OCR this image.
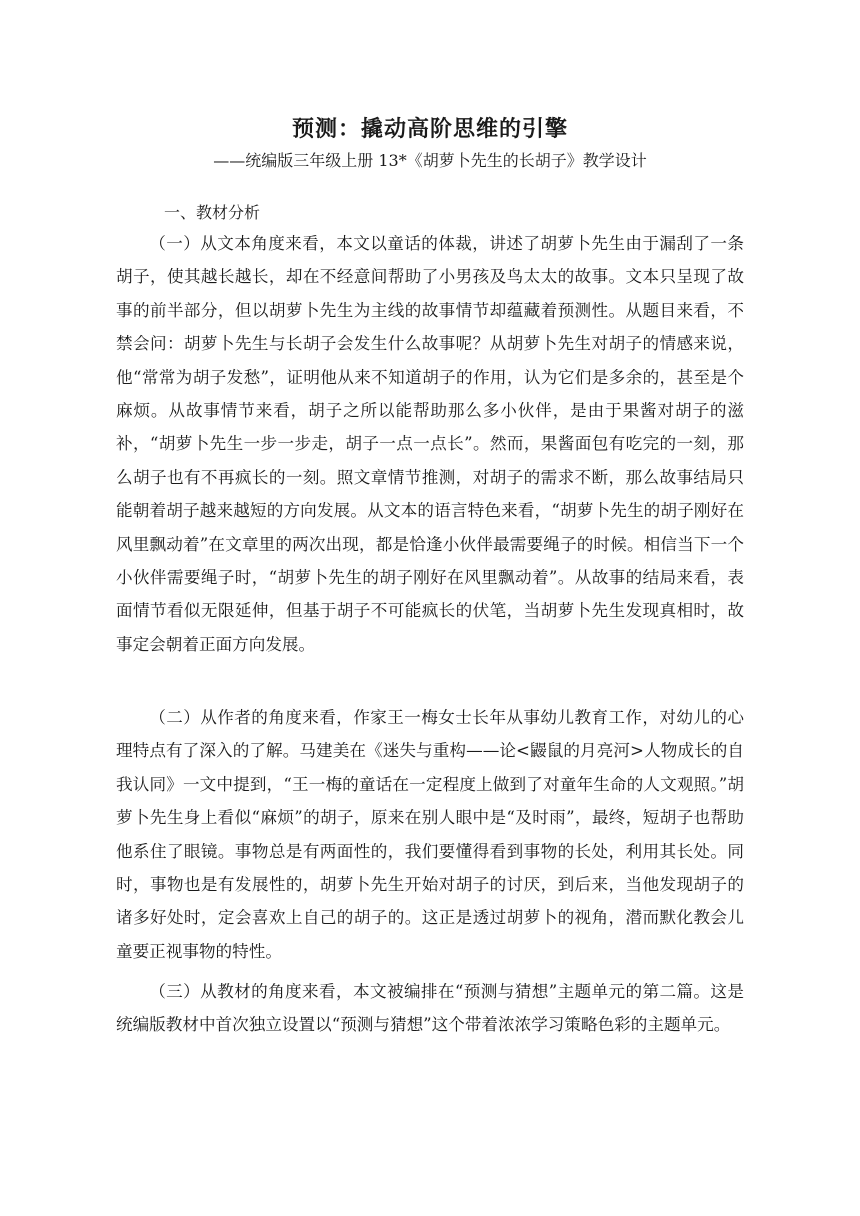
预测：撬动高阶思维的引擎

——统编版三年级上册 13*《胡萝卜先生的长胡子》教学设计

一、教材分析

（一）从文本角度来看，本文以童话的体裁，讲述了胡萝卜先生由于漏刮了一条胡子，使其越长越长，却在不经意间帮助了小男孩及鸟太太的故事。文本只呈现了故事的前半部分，但以胡萝卜先生为主线的故事情节却蕴藏着预测性。从题目来看，不禁会问：胡萝卜先生与长胡子会发生什么故事呢？从胡萝卜先生对胡子的情感来说，他“常常为胡子发愁”，证明他从来不知道胡子的作用，认为它们是多余的，甚至是个麻烦。从故事情节来看，胡子之所以能帮助那么多小伙伴，是由于果酱对胡子的滋补，“胡萝卜先生一步一步走，胡子一点一点长”。然而，果酱面包有吃完的一刻，那么胡子也有不再疯长的一刻。照文章情节推测，对胡子的需求不断，那么故事结局只能朝着胡子越来越短的方向发展。从文本的语言特色来看，“胡萝卜先生的胡子刚好在风里飘动着”在文章里的两次出现，都是恰逢小伙伴最需要绳子的时候。相信当下一个小伙伴需要绳子时，“胡萝卜先生的胡子刚好在风里飘动着”。从故事的结局来看，表面情节看似无限延伸，但基于胡子不可能疯长的伏笔，当胡萝卜先生发现真相时，故事定会朝着正面方向发展。

（二）从作者的角度来看，作家王一梅女士长年从事幼儿教育工作，对幼儿的心理特点有了深入的了解。马建美在《迷失与重构——论<鼹鼠的月亮河>人物成长的自我认同》一文中提到，“王一梅的童话在一定程度上做到了对童年生命的人文观照。”胡萝卜先生身上看似“麻烦”的胡子，原来在别人眼中是“及时雨”，最终，短胡子也帮助他系住了眼镜。事物总是有两面性的，我们要懂得看到事物的长处，利用其长处。同时，事物也是有发展性的，胡萝卜先生开始对胡子的讨厌，到后来，当他发现胡子的诸多好处时，定会喜欢上自己的胡子的。这正是透过胡萝卜的视角，潜而默化教会儿童要正视事物的特性。

（三）从教材的角度来看，本文被编排在“预测与猜想”主题单元的第二篇。这是统编版教材中首次独立设置以“预测与猜想”这个带着浓浓学习策略色彩的主题单元。
